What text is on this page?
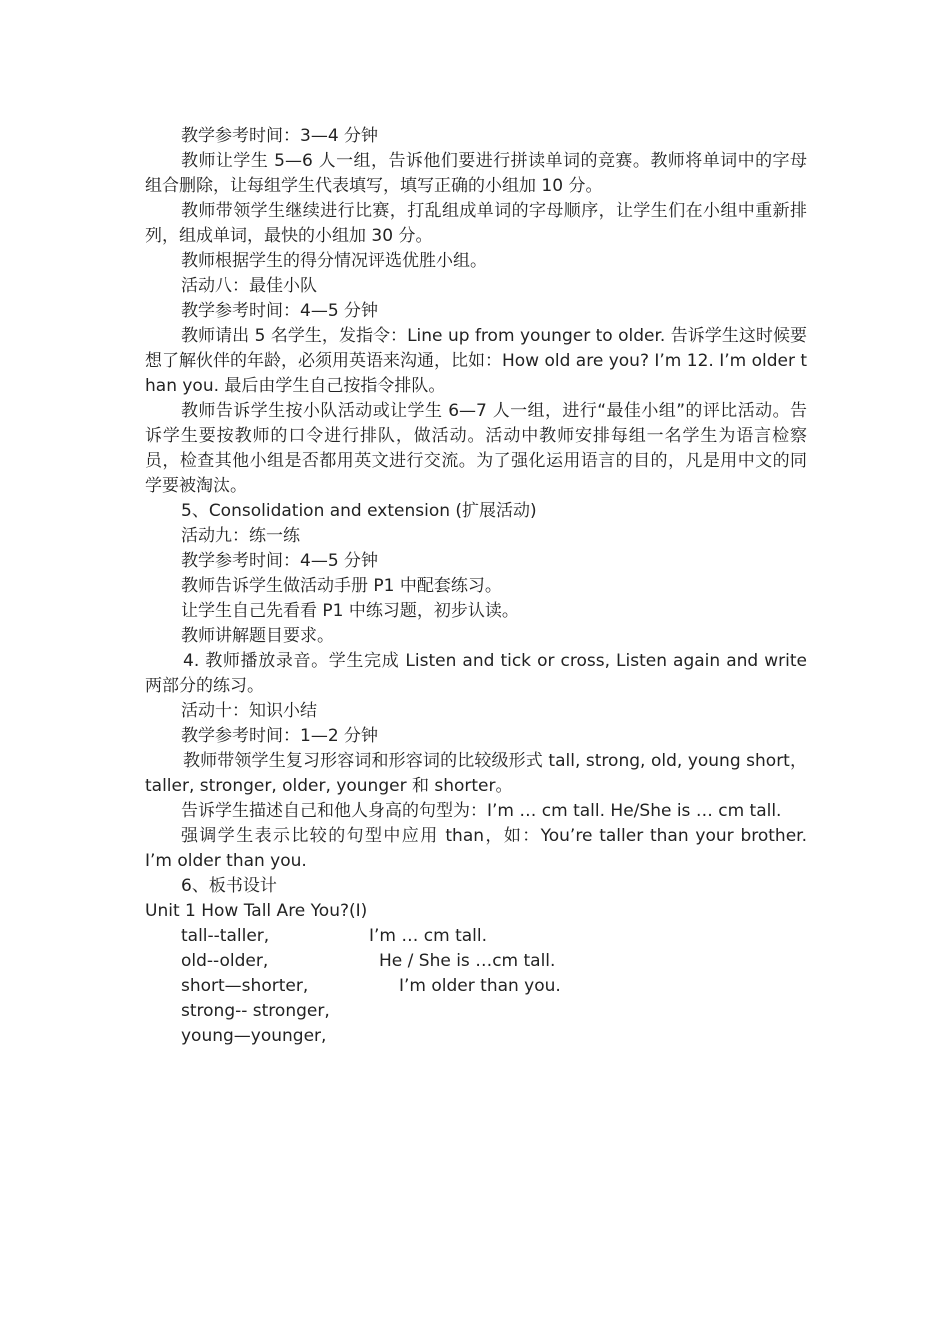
教学参考时间：3—4 分钟

教师让学生 5—6 人一组，告诉他们要进行拼读单词的竞赛。教师将单词中的字母组合删除，让每组学生代表填写，填写正确的小组加 10 分。

教师带领学生继续进行比赛，打乱组成单词的字母顺序，让学生们在小组中重新排列，组成单词，最快的小组加 30 分。

教师根据学生的得分情况评选优胜小组。

活动八：最佳小队

教学参考时间：4—5 分钟

教师请出 5 名学生，发指令：Line up from younger to older. 告诉学生这时候要想了解伙伴的年龄，必须用英语来沟通，比如：How old are you? I’m 12. I’m older than you. 最后由学生自己按指令排队。

教师告诉学生按小队活动或让学生 6—7 人一组，进行“最佳小组”的评比活动。告诉学生要按教师的口令进行排队，做活动。活动中教师安排每组一名学生为语言检察员，检查其他小组是否都用英文进行交流。为了强化运用语言的目的，凡是用中文的同学要被淘汰。

5、Consolidation and extension (扩展活动)

活动九：练一练

教学参考时间：4—5 分钟

教师告诉学生做活动手册 P1 中配套练习。

让学生自己先看看 P1 中练习题，初步认读。

教师讲解题目要求。

4. 教师播放录音。学生完成 Listen and tick or cross, Listen again and write 两部分的练习。

活动十：知识小结

教学参考时间：1—2 分钟

教师带领学生复习形容词和形容词的比较级形式 tall, strong, old, young short，taller, stronger, older, younger 和 shorter。

告诉学生描述自己和他人身高的句型为：I’m … cm tall. He/She is … cm tall.

强调学生表示比较的句型中应用 than，如：You’re taller than your brother. I’m older than you.

6、板书设计

Unit 1 How Tall Are You?(I)

tall--taller,	I’m … cm tall.
old--older,	He / She is …cm tall.
short—shorter,	I’m older than you.
strong-- stronger,
young—younger,
